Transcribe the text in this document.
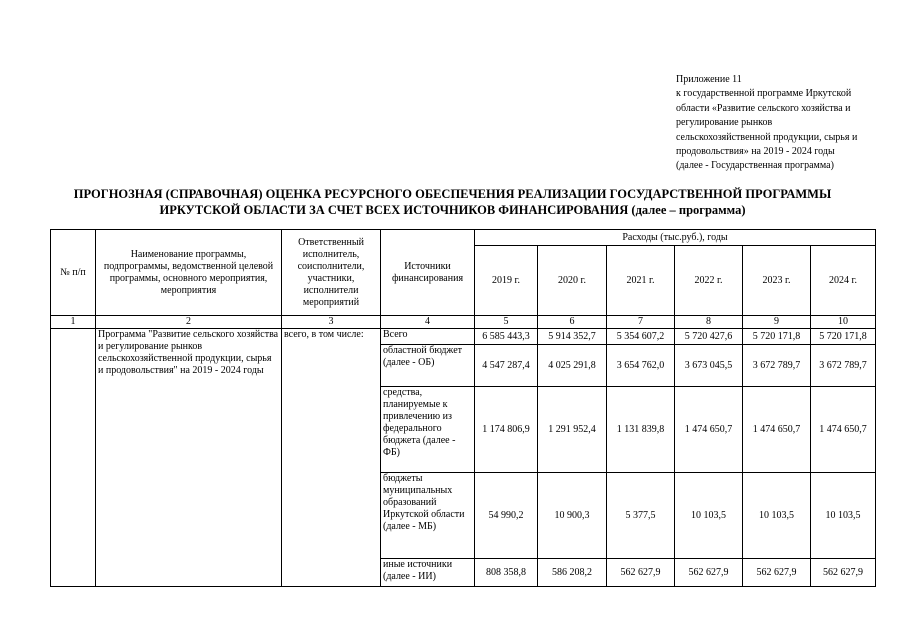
Приложение 11
к государственной программе Иркутской
области «Развитие сельского хозяйства и
регулирование рынков
сельскохозяйственной продукции, сырья и
продовольствия» на 2019 - 2024 годы
(далее - Государственная программа)
ПРОГНОЗНАЯ (СПРАВОЧНАЯ) ОЦЕНКА РЕСУРСНОГО ОБЕСПЕЧЕНИЯ РЕАЛИЗАЦИИ ГОСУДАРСТВЕННОЙ ПРОГРАММЫ
ИРКУТСКОЙ ОБЛАСТИ ЗА СЧЕТ ВСЕХ ИСТОЧНИКОВ ФИНАНСИРОВАНИЯ (далее – программа)
№ п/п	Наименование программы, подпрограммы, ведомственной целевой программы, основного мероприятия, мероприятия	Ответственный исполнитель, соисполнители, участники, исполнители мероприятий	Источники финансирования	Расходы (тыс.руб.), годы					
				2019 г.	2020 г.	2021 г.	2022 г.	2023 г.	2024 г.
1	2	3	4	5	6	7	8	9	10
	Программа "Развитие сельского хозяйства и регулирование рынков сельскохозяйственной продукции, сырья и продовольствия" на 2019 - 2024 годы	всего, в том числе:	Всего	6 585 443,3	5 914 352,7	5 354 607,2	5 720 427,6	5 720 171,8	5 720 171,8
			областной бюджет (далее - ОБ)	4 547 287,4	4 025 291,8	3 654 762,0	3 673 045,5	3 672 789,7	3 672 789,7
			средства, планируемые к привлечению из федерального бюджета (далее - ФБ)	1 174 806,9	1 291 952,4	1 131 839,8	1 474 650,7	1 474 650,7	1 474 650,7
			бюджеты муниципальных образований Иркутской области (далее - МБ)	54 990,2	10 900,3	5 377,5	10 103,5	10 103,5	10 103,5
			иные источники (далее - ИИ)	808 358,8	586 208,2	562 627,9	562 627,9	562 627,9	562 627,9
